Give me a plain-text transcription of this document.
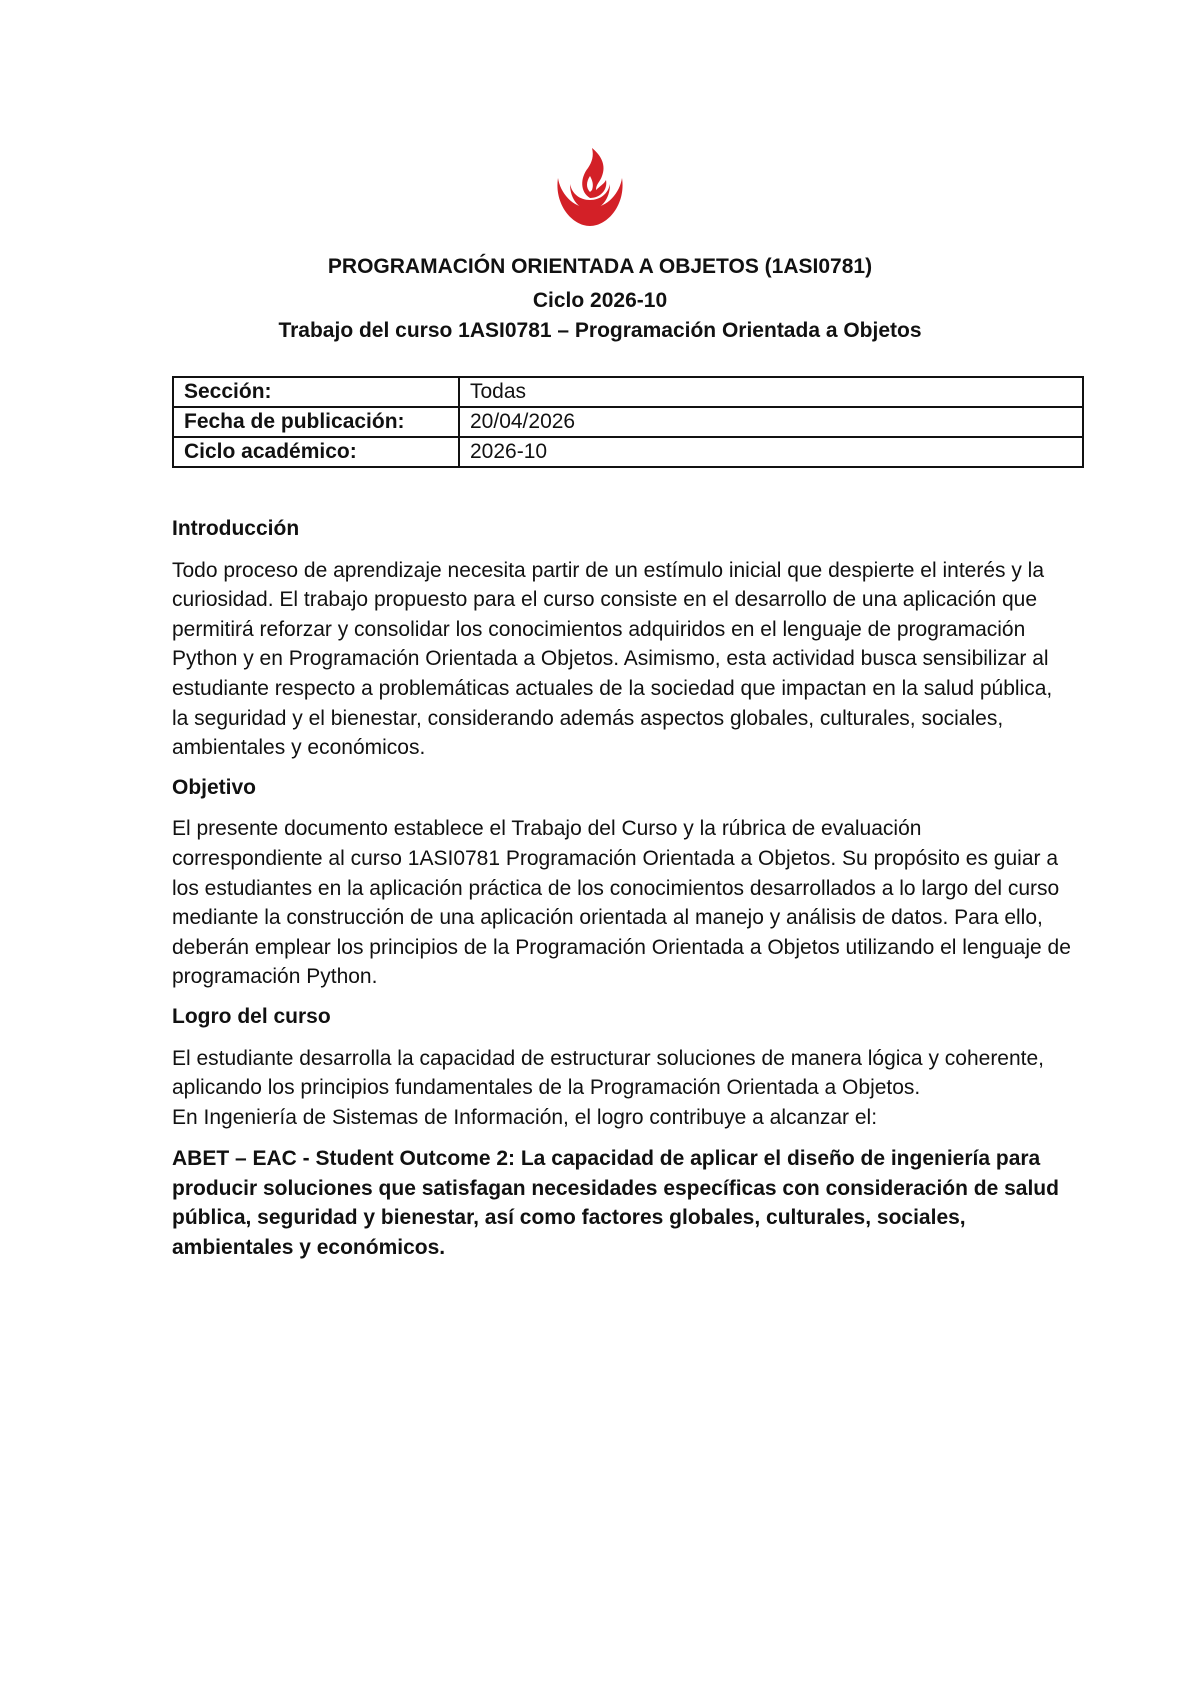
PROGRAMACIÓN ORIENTADA A OBJETOS (1ASI0781)
Ciclo 2026-10
Trabajo del curso 1ASI0781 – Programación Orientada a Objetos
Sección:	Todas
Fecha de publicación:	20/04/2026
Ciclo académico:	2026-10
Introducción
Todo proceso de aprendizaje necesita partir de un estímulo inicial que despierte el interés y la curiosidad. El trabajo propuesto para el curso consiste en el desarrollo de una aplicación que permitirá reforzar y consolidar los conocimientos adquiridos en el lenguaje de programación Python y en Programación Orientada a Objetos. Asimismo, esta actividad busca sensibilizar al estudiante respecto a problemáticas actuales de la sociedad que impactan en la salud pública, la seguridad y el bienestar, considerando además aspectos globales, culturales, sociales, ambientales y económicos.
Objetivo
El presente documento establece el Trabajo del Curso y la rúbrica de evaluación correspondiente al curso 1ASI0781 Programación Orientada a Objetos. Su propósito es guiar a los estudiantes en la aplicación práctica de los conocimientos desarrollados a lo largo del curso mediante la construcción de una aplicación orientada al manejo y análisis de datos. Para ello, deberán emplear los principios de la Programación Orientada a Objetos utilizando el lenguaje de programación Python.
Logro del curso
El estudiante desarrolla la capacidad de estructurar soluciones de manera lógica y coherente, aplicando los principios fundamentales de la Programación Orientada a Objetos.
En Ingeniería de Sistemas de Información, el logro contribuye a alcanzar el:
ABET – EAC - Student Outcome 2: La capacidad de aplicar el diseño de ingeniería para producir soluciones que satisfagan necesidades específicas con consideración de salud pública, seguridad y bienestar, así como factores globales, culturales, sociales, ambientales y económicos.
